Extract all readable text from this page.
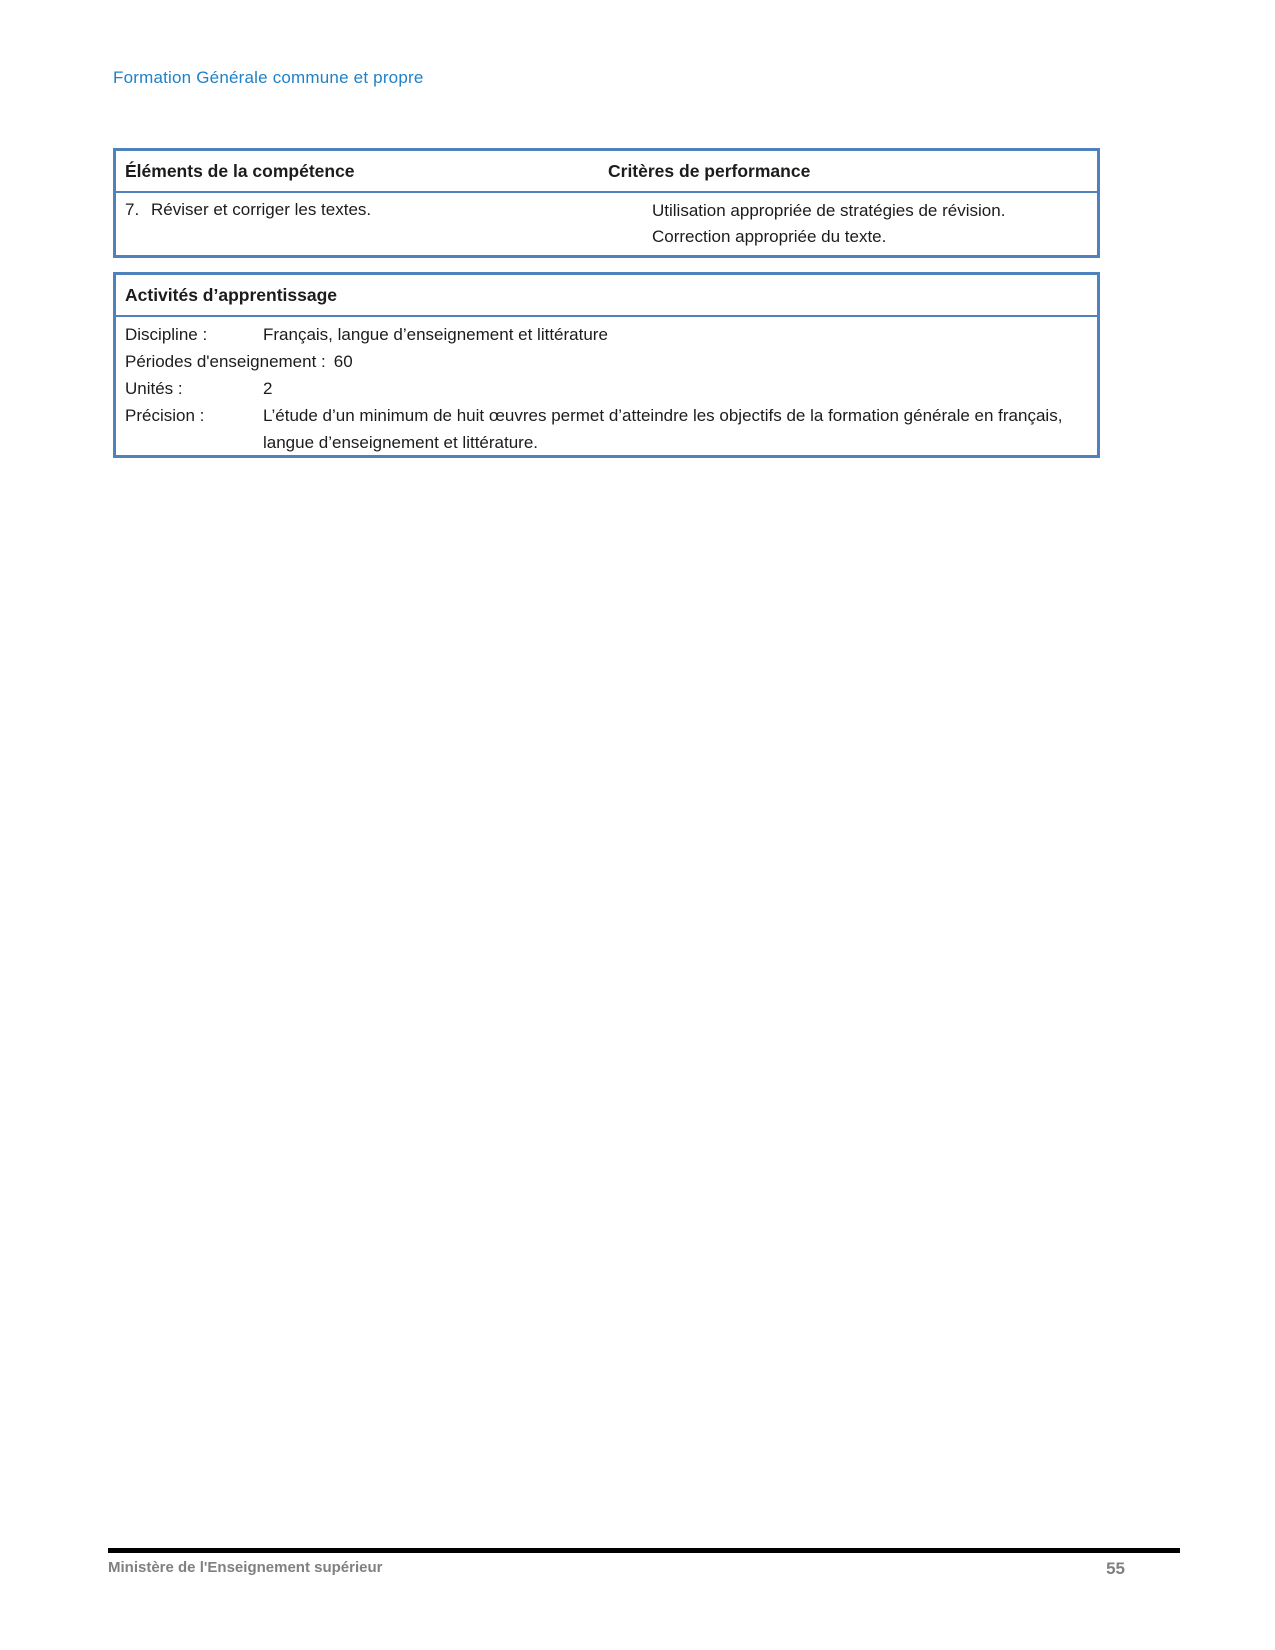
Formation Générale commune et propre
Éléments de la compétence	Critères de performance
7. Réviser et corriger les textes.	Utilisation appropriée de stratégies de révision.
Correction appropriée du texte.
Activités d’apprentissage
Discipline :	Français, langue d’enseignement et littérature
Périodes d'enseignement : 60
Unités :	2
Précision :	L’étude d’un minimum de huit œuvres permet d’atteindre les objectifs de la formation générale en français, langue d’enseignement et littérature.
Ministère de l'Enseignement supérieur	55
